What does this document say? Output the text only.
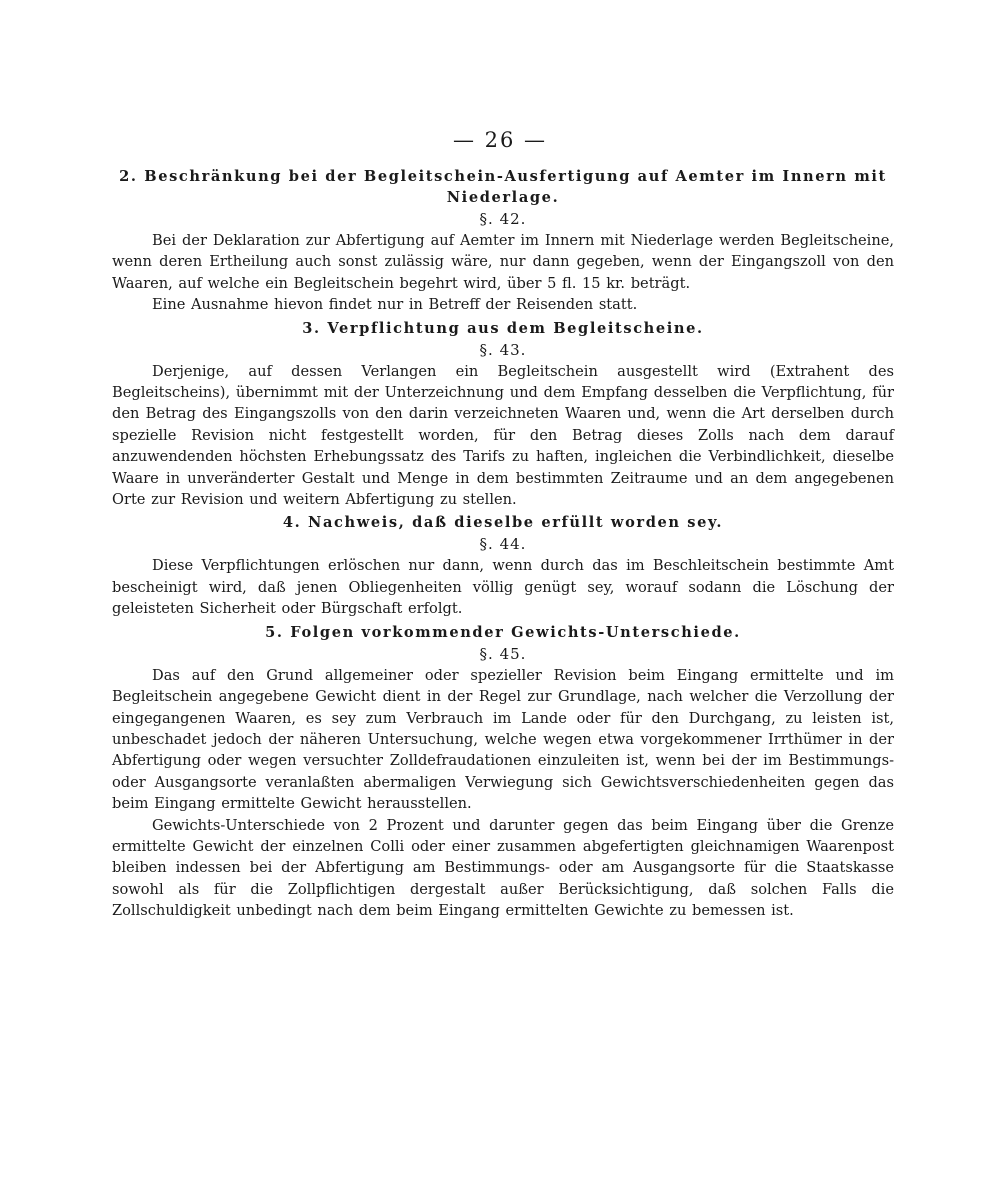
— 26 —

2. Beschränkung bei der Begleitschein-Ausfertigung auf Aemter im Innern mit Niederlage.

§. 42.

Bei der Deklaration zur Abfertigung auf Aemter im Innern mit Niederlage werden Begleitscheine, wenn deren Ertheilung auch sonst zulässig wäre, nur dann gegeben, wenn der Eingangszoll von den Waaren, auf welche ein Begleitschein begehrt wird, über 5 fl. 15 kr. beträgt.

Eine Ausnahme hievon findet nur in Betreff der Reisenden statt.

3. Verpflichtung aus dem Begleitscheine.

§. 43.

Derjenige, auf dessen Verlangen ein Begleitschein ausgestellt wird (Extrahent des Begleitscheins), übernimmt mit der Unterzeichnung und dem Empfang desselben die Verpflichtung, für den Betrag des Eingangszolls von den darin verzeichneten Waaren und, wenn die Art derselben durch spezielle Revision nicht festgestellt worden, für den Betrag dieses Zolls nach dem darauf anzuwendenden höchsten Erhebungssatz des Tarifs zu haften, ingleichen die Verbindlichkeit, dieselbe Waare in unveränderter Gestalt und Menge in dem bestimmten Zeitraume und an dem angegebenen Orte zur Revision und weitern Abfertigung zu stellen.

4. Nachweis, daß dieselbe erfüllt worden sey.

§. 44.

Diese Verpflichtungen erlöschen nur dann, wenn durch das im Beschleitschein bestimmte Amt bescheinigt wird, daß jenen Obliegenheiten völlig genügt sey, worauf sodann die Löschung der geleisteten Sicherheit oder Bürgschaft erfolgt.

5. Folgen vorkommender Gewichts-Unterschiede.

§. 45.

Das auf den Grund allgemeiner oder spezieller Revision beim Eingang ermittelte und im Begleitschein angegebene Gewicht dient in der Regel zur Grundlage, nach welcher die Verzollung der eingegangenen Waaren, es sey zum Verbrauch im Lande oder für den Durchgang, zu leisten ist, unbeschadet jedoch der näheren Untersuchung, welche wegen etwa vorgekommener Irrthümer in der Abfertigung oder wegen versuchter Zolldefraudationen einzuleiten ist, wenn bei der im Bestimmungs- oder Ausgangsorte veranlaßten abermaligen Verwiegung sich Gewichtsverschiedenheiten gegen das beim Eingang ermittelte Gewicht herausstellen.

Gewichts-Unterschiede von 2 Prozent und darunter gegen das beim Eingang über die Grenze ermittelte Gewicht der einzelnen Colli oder einer zusammen abgefertigten gleichnamigen Waarenpost bleiben indessen bei der Abfertigung am Bestimmungs- oder am Ausgangsorte für die Staatskasse sowohl als für die Zollpflichtigen dergestalt außer Berücksichtigung, daß solchen Falls die Zollschuldigkeit unbedingt nach dem beim Eingang ermittelten Gewichte zu bemessen ist.
